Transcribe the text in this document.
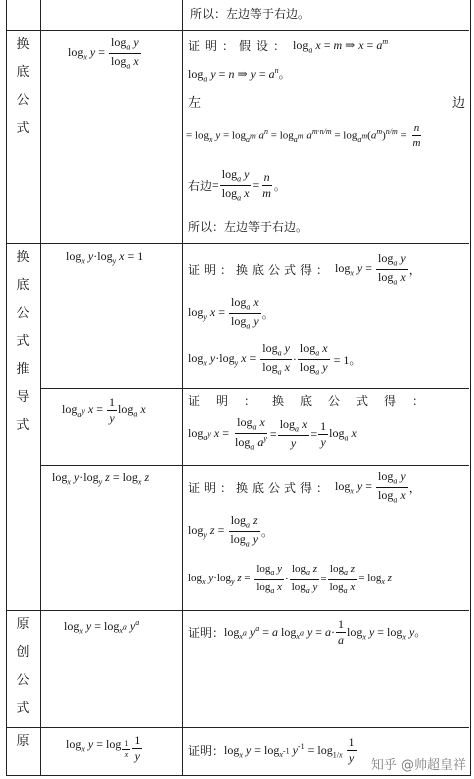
所以：左边等于右边。
换
底
公
式
换
底
公
式
推
导
式
原
创
公
式
原
$\log_x y = \frac{\log_a y}{\log_a x}$
$\log_x y\cdot\log_y$ x = 1
$\log_{a^y} x = \frac{1}{y} \log_a x$
$\log_x y\cdot\log_y$ $z = \log_x z$
$\log_x y = \log_{x^a} y^a$
$\log_x y = \log _{\frac{1}{x}} \frac{1}{y}$
证明：假设： $\log_a x = m$ ⇒ $x = a^m$
$\log_a y = n$ ⇒ $y = a^n$。
左	边
= $\log_x y = \log_{a^m} a^n = \log_{a^m} a^{m\cdot n/m} = \log_{a^m}(a^m)^{n/m} = \frac{n}{m}$
右边 = $\frac{\log_a y}{\log_a x} = \frac{n}{m}$ 。
所以：左边等于右边。
证明：换底公式得： $\log_x y = \frac{\log_a y}{\log_a x}$ ，
$\log_y x = \frac{\log_a x}{\log_a y}$ 。
$\log_x y\cdot\log_y$ $x = \frac{\log_a y}{\log_a x} \cdot \frac{\log_a x}{\log_a y} = 1$。
证明：换底公式得：
$\log_{a^y} x = \frac{\log_a x}{\log_a a^y} = \frac{\log_a x}{y} = \frac{1}{y} \log_a x$
证明：换底公式得： $\log_x y = \frac{\log_a y}{\log_a x}$ ，
$\log_y z = \frac{\log_a z}{\log_a y}$ 。
$\log_x y\cdot\log_y$ $z = \frac{\log_a y}{\log_a x} \cdot \frac{\log_a z}{\log_a y} = \frac{\log_a z}{\log_a x} = \log_x z$
证明： $\log_{x^a} y^a = a$ $\log_{x^a} y = a\cdot \frac{1}{a} \log_x y = \log_x y$。
证明： $\log_x y = \log_{x^{-1}} y^{-1} = \log_{1/x} \frac{1}{y}$
知乎 @帅超皇祥
